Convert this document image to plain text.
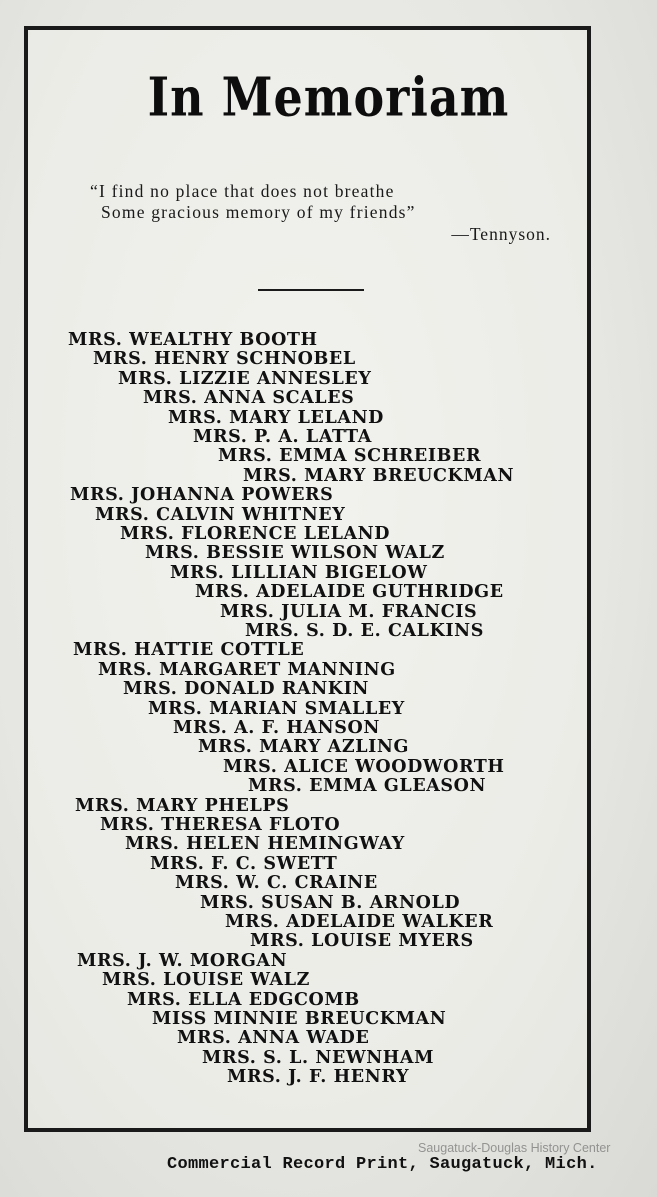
In Memoriam
“I find no place that does not breathe
Some gracious memory of my friends”
—Tennyson.
MRS. WEALTHY BOOTH
MRS. HENRY SCHNOBEL
MRS. LIZZIE ANNESLEY
MRS. ANNA SCALES
MRS. MARY LELAND
MRS. P. A. LATTA
MRS. EMMA SCHREIBER
MRS. MARY BREUCKMAN
MRS. JOHANNA POWERS
MRS. CALVIN WHITNEY
MRS. FLORENCE LELAND
MRS. BESSIE WILSON WALZ
MRS. LILLIAN BIGELOW
MRS. ADELAIDE GUTHRIDGE
MRS. JULIA M. FRANCIS
MRS. S. D. E. CALKINS
MRS. HATTIE COTTLE
MRS. MARGARET MANNING
MRS. DONALD RANKIN
MRS. MARIAN SMALLEY
MRS. A. F. HANSON
MRS. MARY AZLING
MRS. ALICE WOODWORTH
MRS. EMMA GLEASON
MRS. MARY PHELPS
MRS. THERESA FLOTO
MRS. HELEN HEMINGWAY
MRS. F. C. SWETT
MRS. W. C. CRAINE
MRS. SUSAN B. ARNOLD
MRS. ADELAIDE WALKER
MRS. LOUISE MYERS
MRS. J. W. MORGAN
MRS. LOUISE WALZ
MRS. ELLA EDGCOMB
MISS MINNIE BREUCKMAN
MRS. ANNA WADE
MRS. S. L. NEWNHAM
MRS. J. F. HENRY
Saugatuck-Douglas History Center
Commercial Record Print, Saugatuck, Mich.
